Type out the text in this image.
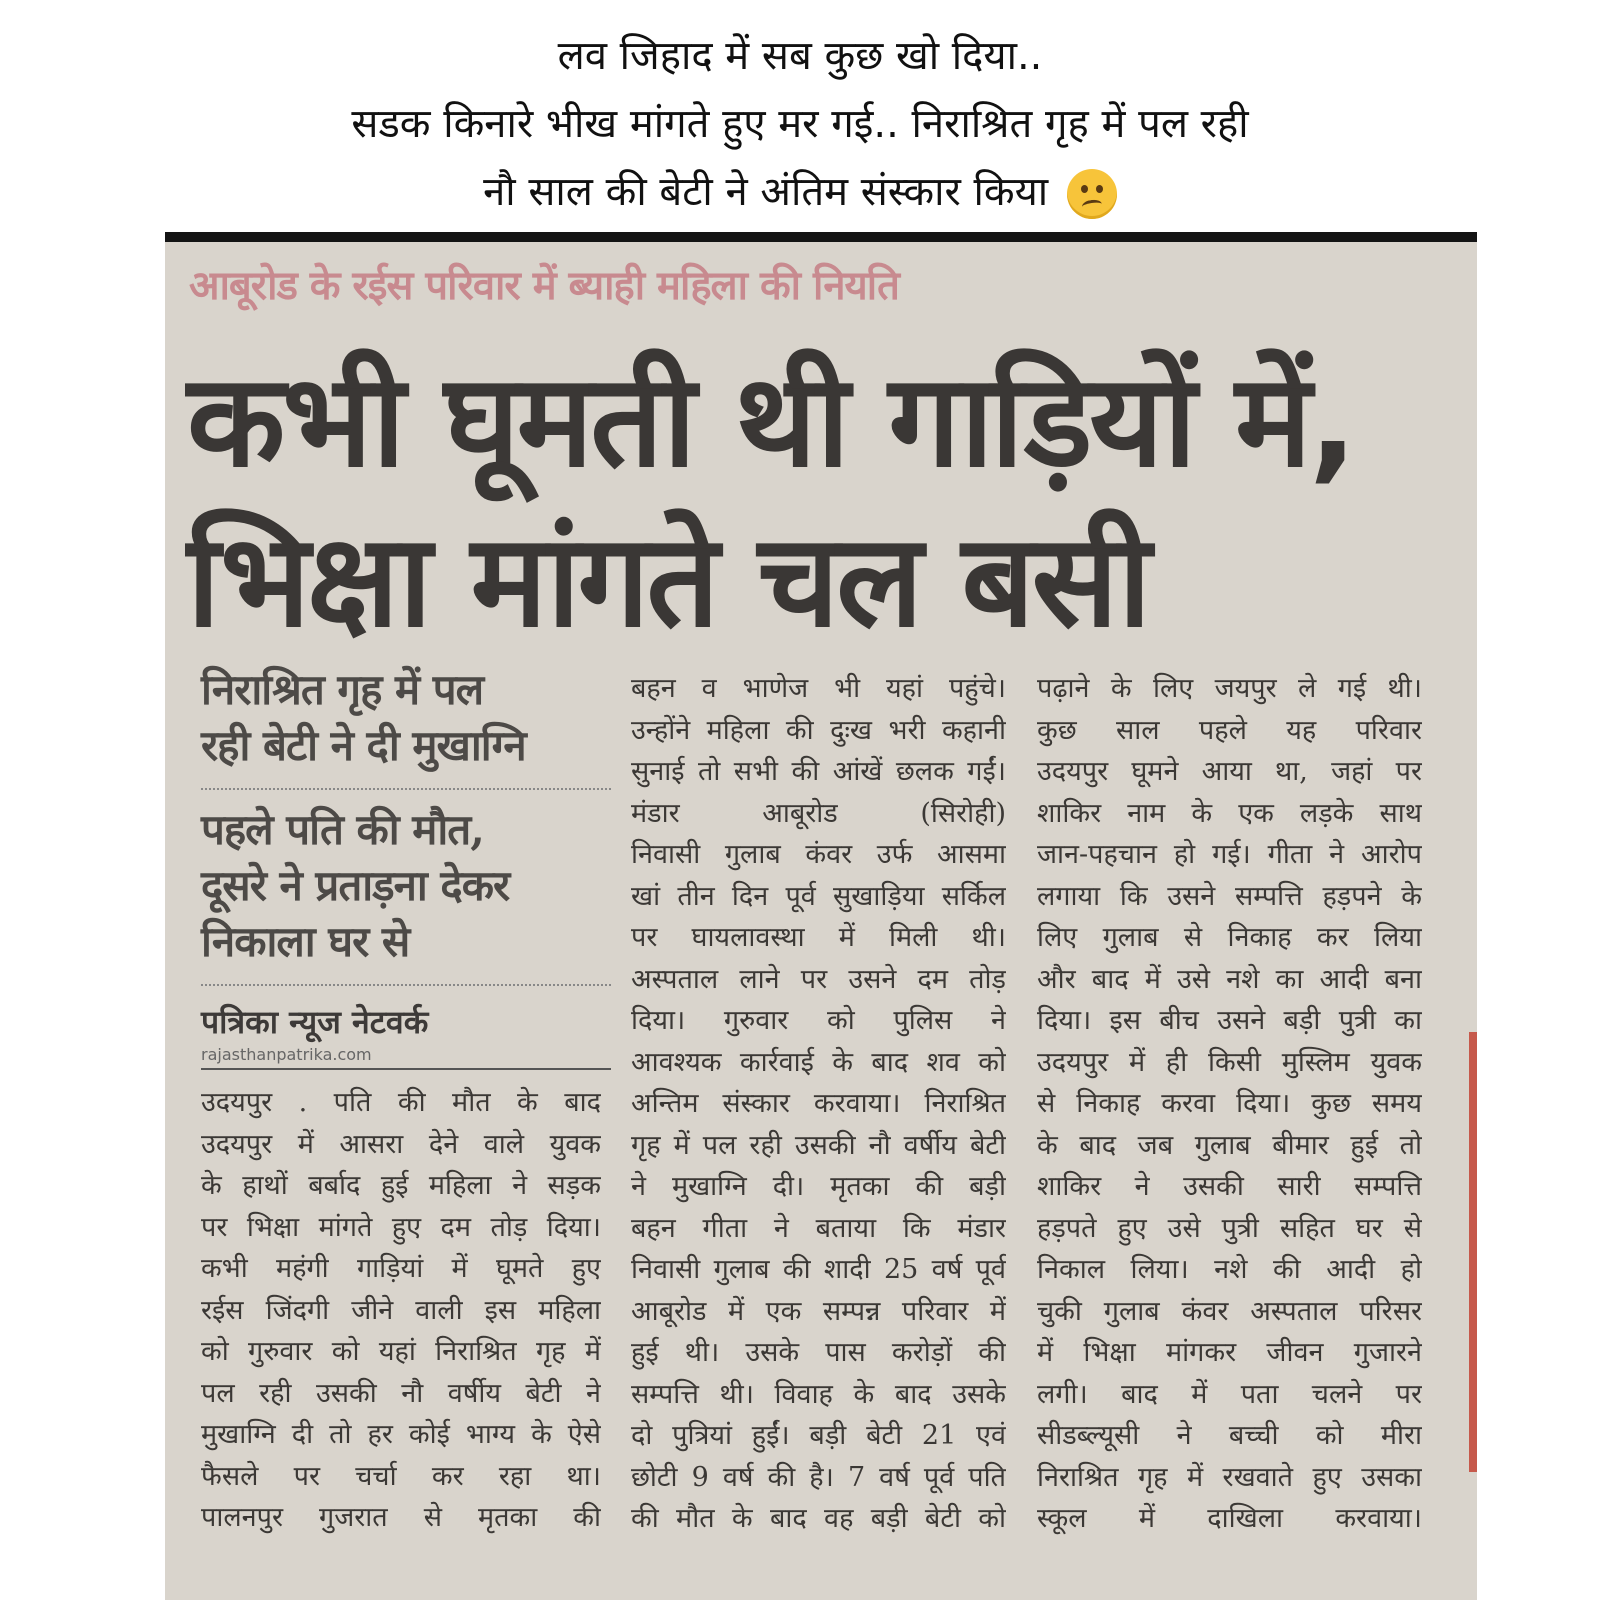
लव जिहाद में सब कुछ खो दिया..
सडक किनारे भीख मांगते हुए मर गई.. निराश्रित गृह में पल रही
नौ साल की बेटी ने अंतिम संस्कार किया
आबूरोड के रईस परिवार में ब्याही महिला की नियति
कभी घूमती थी गाड़ियों में,
भिक्षा मांगते चल बसी
निराश्रित गृह में पल
रही बेटी ने दी मुखाग्नि
पहले पति की मौत,
दूसरे ने प्रताड़ना देकर
निकाला घर से
पत्रिका न्यूज नेटवर्क
rajasthanpatrika.com
उदयपुर . पति की मौत के बाद
उदयपुर में आसरा देने वाले युवक
के हाथों बर्बाद हुई महिला ने सड़क
पर भिक्षा मांगते हुए दम तोड़ दिया।
कभी महंगी गाड़ियां में घूमते हुए
रईस जिंदगी जीने वाली इस महिला
को गुरुवार को यहां निराश्रित गृह में
पल रही उसकी नौ वर्षीय बेटी ने
मुखाग्नि दी तो हर कोई भाग्य के ऐसे
फैसले पर चर्चा कर रहा था।
पालनपुर गुजरात से मृतका की
बहन व भाणेज भी यहां पहुंचे।
उन्होंने महिला की दुःख भरी कहानी
सुनाई तो सभी की आंखें छलक गईं।
मंडार आबूरोड (सिरोही)
निवासी गुलाब कंवर उर्फ आसमा
खां तीन दिन पूर्व सुखाड़िया सर्किल
पर घायलावस्था में मिली थी।
अस्पताल लाने पर उसने दम तोड़
दिया। गुरुवार को पुलिस ने
आवश्यक कार्रवाई के बाद शव को
अन्तिम संस्कार करवाया। निराश्रित
गृह में पल रही उसकी नौ वर्षीय बेटी
ने मुखाग्नि दी। मृतका की बड़ी
बहन गीता ने बताया कि मंडार
निवासी गुलाब की शादी 25 वर्ष पूर्व
आबूरोड में एक सम्पन्न परिवार में
हुई थी। उसके पास करोड़ों की
सम्पत्ति थी। विवाह के बाद उसके
दो पुत्रियां हुईं। बड़ी बेटी 21 एवं
छोटी 9 वर्ष की है। 7 वर्ष पूर्व पति
की मौत के बाद वह बड़ी बेटी को
पढ़ाने के लिए जयपुर ले गई थी।
कुछ साल पहले यह परिवार
उदयपुर घूमने आया था, जहां पर
शाकिर नाम के एक लड़के साथ
जान-पहचान हो गई। गीता ने आरोप
लगाया कि उसने सम्पत्ति हड़पने के
लिए गुलाब से निकाह कर लिया
और बाद में उसे नशे का आदी बना
दिया। इस बीच उसने बड़ी पुत्री का
उदयपुर में ही किसी मुस्लिम युवक
से निकाह करवा दिया। कुछ समय
के बाद जब गुलाब बीमार हुई तो
शाकिर ने उसकी सारी सम्पत्ति
हड़पते हुए उसे पुत्री सहित घर से
निकाल लिया। नशे की आदी हो
चुकी गुलाब कंवर अस्पताल परिसर
में भिक्षा मांगकर जीवन गुजारने
लगी। बाद में पता चलने पर
सीडब्ल्यूसी ने बच्ची को मीरा
निराश्रित गृह में रखवाते हुए उसका
स्कूल में दाखिला करवाया।
